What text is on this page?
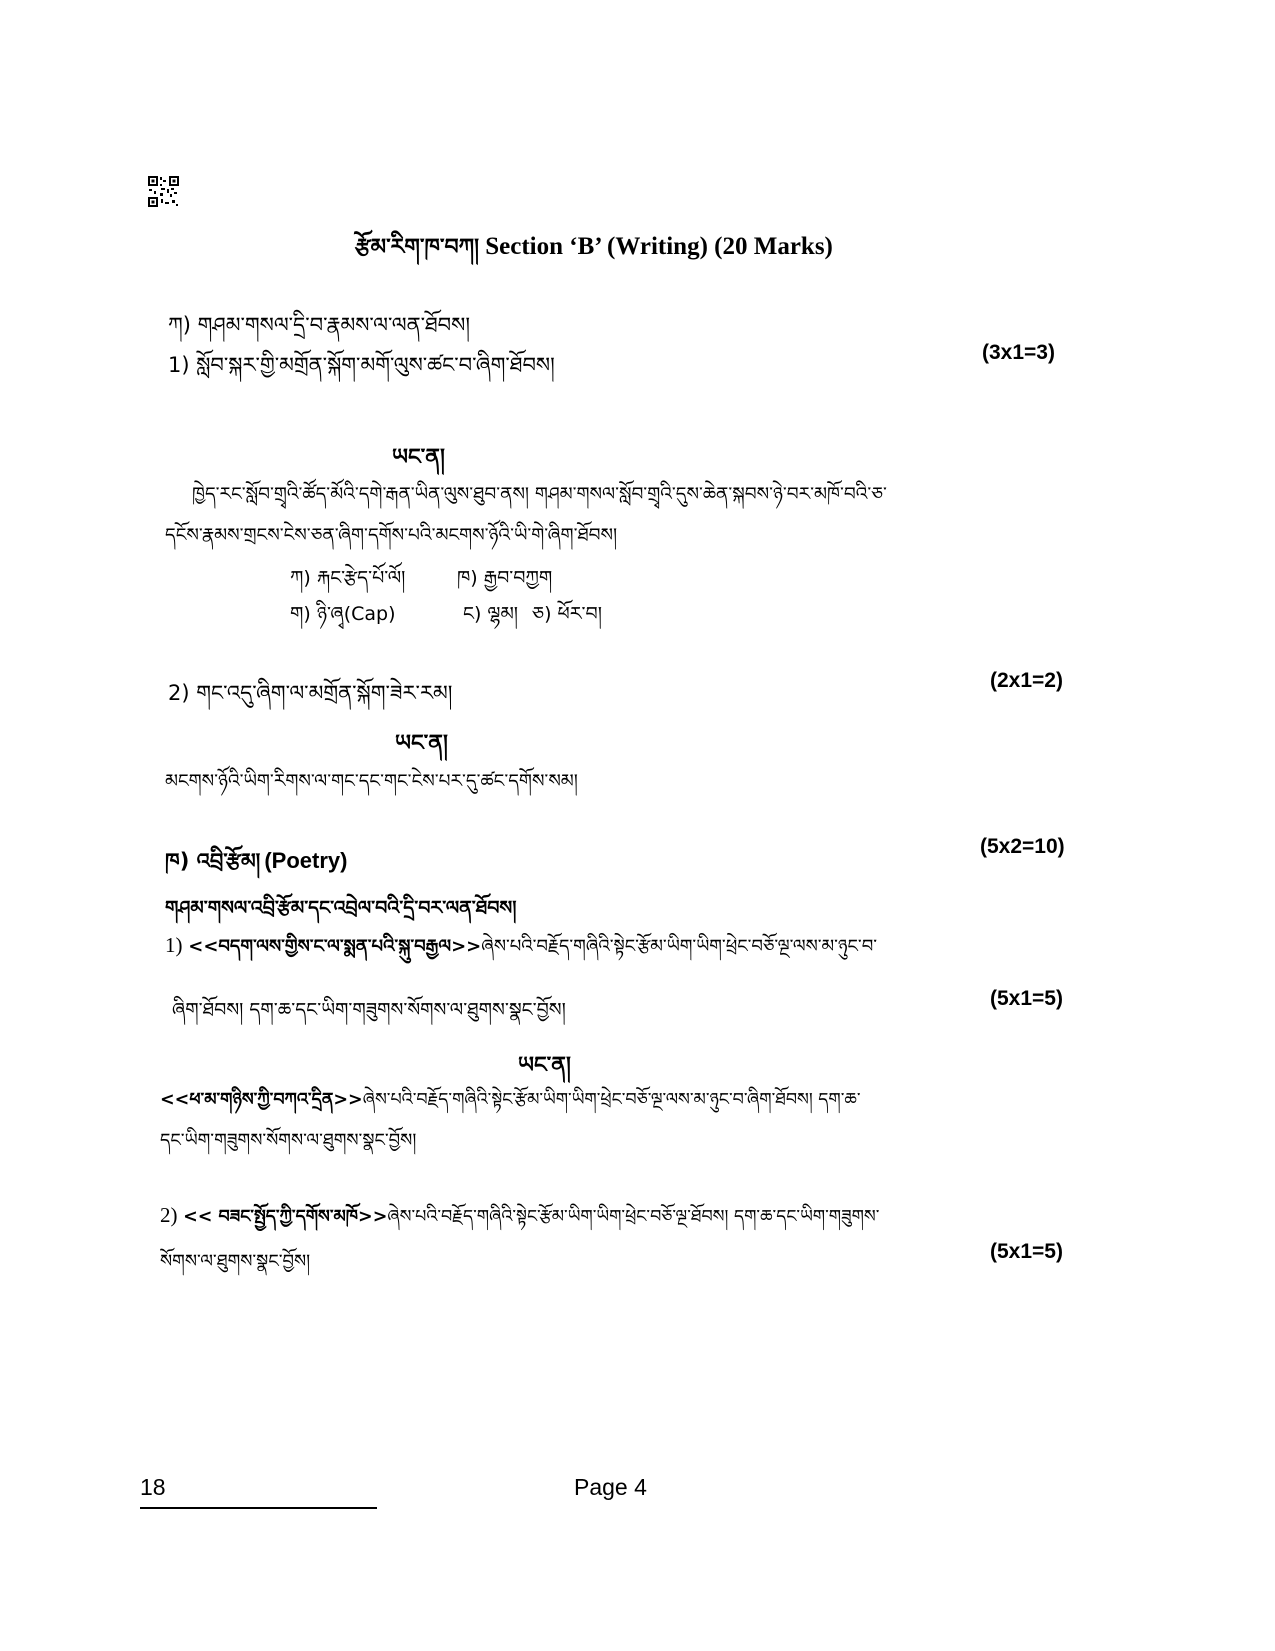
རྩོམ་རིག་ཁ་བཀ། Section ‘B’ (Writing) (20 Marks)
ཀ) གཤམ་གསལ་དྲི་བ་རྣམས་ལ་ལན་ཐོབས།
1) སློབ་སྐར་གྱི་མགྲོན་སྐོག་མགོ་ལུས་ཚང་བ་ཞིག་ཐོབས།
(3x1=3)
ཡང་ན།
ཁྱེད་རང་སློབ་གྲྭའི་ཚོད་མོའི་དགེ་རྒན་ཡིན་ལུས་ཐུབ་ནས། གཤམ་གསལ་སློབ་གྲྭའི་དུས་ཆེན་སྐབས་ཉེ་བར་མཁོ་བའི་ཅ་
དངོས་རྣམས་གྲངས་ངེས་ཅན་ཞིག་དགོས་པའི་མངགས་ཉོའི་ཡི་གེ་ཞིག་ཐོབས།
ཀ) རྐང་རྩེད་པོ་ལོ།	ཁ) རྒྱབ་བཀྱག
ག) ཉི་ཞྭ(Cap)	ང) ལྷམ། ཅ) ཕོར་བ།
2) གང་འདུ་ཞིག་ལ་མགྲོན་སྐོག་ཟེར་རམ།
(2x1=2)
ཡང་ན།
མངགས་ཉོའི་ཡིག་རིགས་ལ་གང་དང་གང་ངེས་པར་དུ་ཚང་དགོས་སམ།
ཁ) འབྲི་རྩོམ། (Poetry)
(5x2=10)
གཤམ་གསལ་འབྲི་རྩོམ་དང་འབྲེལ་བའི་དྲི་བར་ལན་ཐོབས།
1) <<བདག་ལས་གྱིས་ང་ལ་སྨན་པའི་སྐུ་བརྒྱལ>>ཞེས་པའི་བརྗོད་གཞིའི་སྟེང་རྩོམ་ཡིག་ཡིག་ཕྲེང་བཅོ་ལྔ་ལས་མ་ཉུང་བ་
ཞིག་ཐོབས། དག་ཆ་དང་ཡིག་གཟུགས་སོགས་ལ་ཐུགས་སྣང་བྱོས།	(5x1=5)
ཡང་ན།
<<ཕ་མ་གཉིས་ཀྱི་བཀའ་དྲིན>>ཞེས་པའི་བརྗོད་གཞིའི་སྟེང་རྩོམ་ཡིག་ཡིག་ཕྲེང་བཅོ་ལྔ་ལས་མ་ཉུང་བ་ཞིག་ཐོབས། དག་ཆ་
དང་ཡིག་གཟུགས་སོགས་ལ་ཐུགས་སྣང་བྱོས།
2) << བཟང་སྤྱོད་ཀྱི་དགོས་མཁོ>>ཞེས་པའི་བརྗོད་གཞིའི་སྟེང་རྩོམ་ཡིག་ཡིག་ཕྲེང་བཅོ་ལྔ་ཐོབས། དག་ཆ་དང་ཡིག་གཟུགས་
སོགས་ལ་ཐུགས་སྣང་བྱོས།	(5x1=5)
18	Page 4
